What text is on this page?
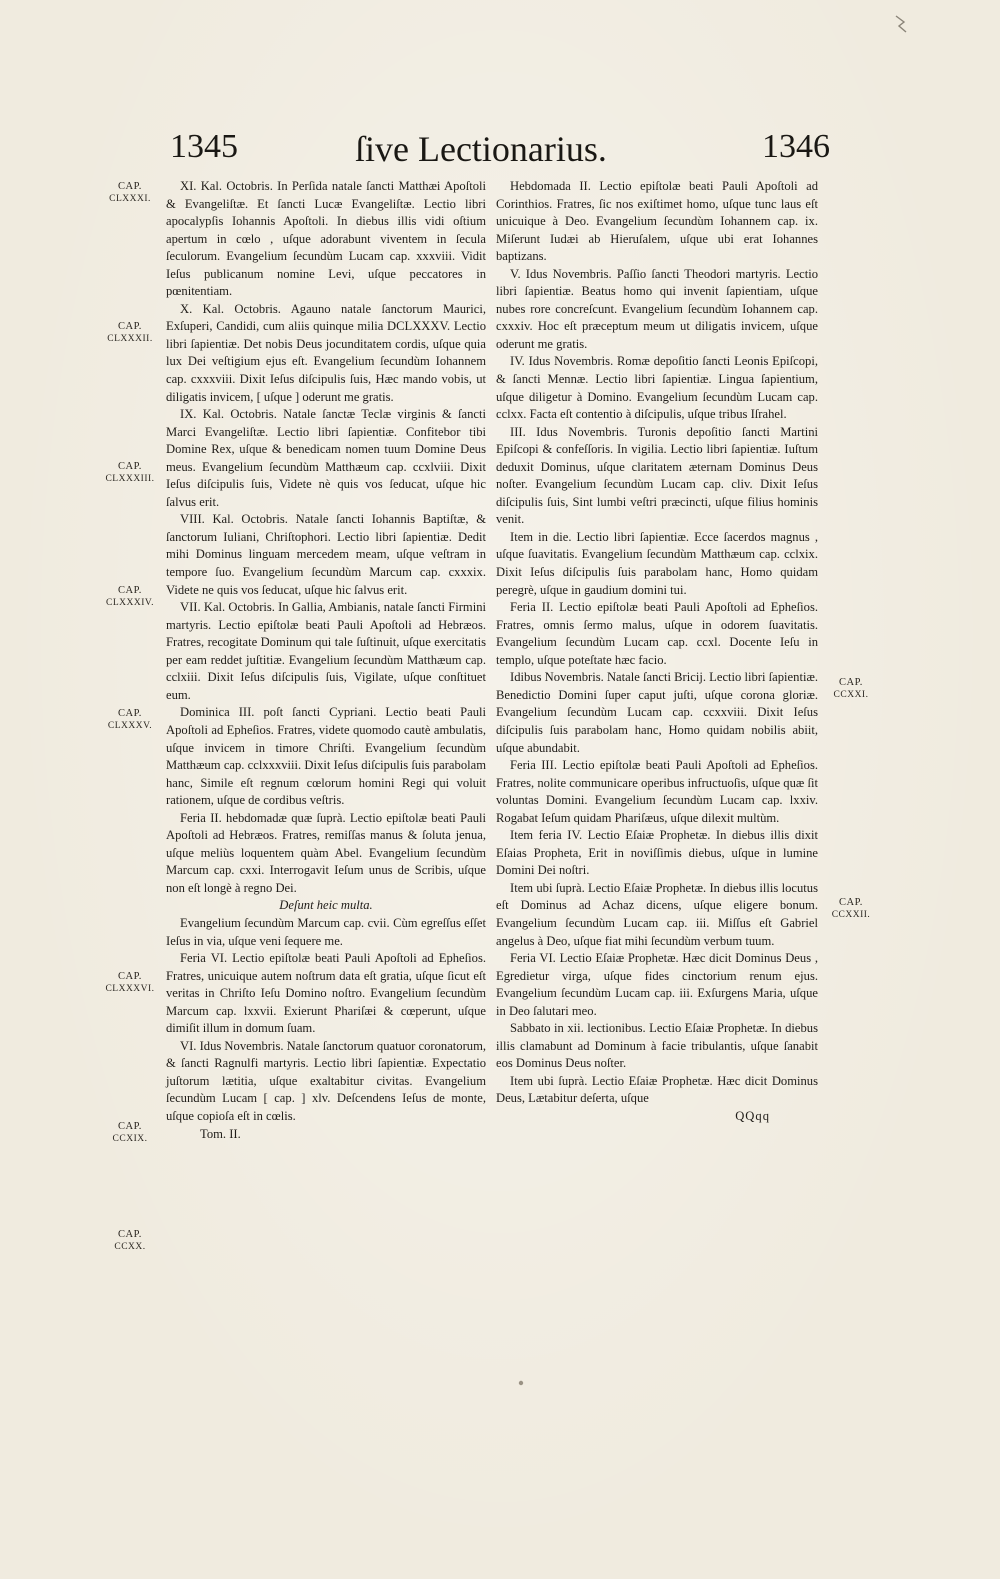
1345	ſive Lectionarius.	1346
CAP.
CLXXXI.
CAP.
CLXXXII.
CAP.
CLXXXIII.
CAP.
CLXXXIV.
CAP.
CLXXXV.
CAP.
CLXXXVI.
CAP.
CCXIX.
CAP.
CCXX.
CAP.
CCXXI.
CAP.
CCXXII.

XI. Kal. Octobris. In Perſida natale ſancti Matthæi Apoſtoli & Evangeliſtæ. Et ſancti Lucæ Evangeliſtæ. Lectio libri apocalypſis Iohannis Apoſtoli. In diebus illis vidi oſtium apertum in cœlo , uſque adorabunt viventem in ſecula ſeculorum. Evangelium ſecundùm Lucam cap. xxxviii. Vidit Ieſus publicanum nomine Levi, uſque peccatores in pœnitentiam.

X. Kal. Octobris. Agauno natale ſanctorum Maurici, Exſuperi, Candidi, cum aliis quinque milia DCLXXXV. Lectio libri ſapientiæ. Det nobis Deus jocunditatem cordis, uſque quia lux Dei veſtigium ejus eſt. Evangelium ſecundùm Iohannem cap. cxxxviii. Dixit Ieſus diſcipulis ſuis, Hæc mando vobis, ut diligatis invicem, [ uſque ] oderunt me gratis.

IX. Kal. Octobris. Natale ſanctæ Teclæ virginis & ſancti Marci Evangeliſtæ. Lectio libri ſapientiæ. Confitebor tibi Domine Rex, uſque & benedicam nomen tuum Domine Deus meus. Evangelium ſecundùm Matthæum cap. ccxlviii. Dixit Ieſus diſcipulis ſuis, Videte nè quis vos ſeducat, uſque hic ſalvus erit.

VIII. Kal. Octobris. Natale ſancti Iohannis Baptiſtæ, & ſanctorum Iuliani, Chriſtophori. Lectio libri ſapientiæ. Dedit mihi Dominus linguam mercedem meam, uſque veſtram in tempore ſuo. Evangelium ſecundùm Marcum cap. cxxxix. Videte ne quis vos ſeducat, uſque hic ſalvus erit.

VII. Kal. Octobris. In Gallia, Ambianis, natale ſancti Firmini martyris. Lectio epiſtolæ beati Pauli Apoſtoli ad Hebræos. Fratres, recogitate Dominum qui tale ſuſtinuit, uſque exercitatis per eam reddet juſtitiæ. Evangelium ſecundùm Matthæum cap. cclxiii. Dixit Ieſus diſcipulis ſuis, Vigilate, uſque conſtituet eum.

Dominica III. poſt ſancti Cypriani. Lectio beati Pauli Apoſtoli ad Epheſios. Fratres, videte quomodo cautè ambulatis, uſque invicem in timore Chriſti. Evangelium ſecundùm Matthæum cap. cclxxxviii. Dixit Ieſus diſcipulis ſuis parabolam hanc, Simile eſt regnum cœlorum homini Regi qui voluit rationem, uſque de cordibus veſtris.

Feria II. hebdomadæ quæ ſuprà. Lectio epiſtolæ beati Pauli Apoſtoli ad Hebræos. Fratres, remiſſas manus & ſoluta jenua, uſque meliùs loquentem quàm Abel. Evangelium ſecundùm Marcum cap. cxxi. Interrogavit Ieſum unus de Scribis, uſque non eſt longè à regno Dei.

Deſunt heic multa.

Evangelium ſecundùm Marcum cap. cvii. Cùm egreſſus eſſet Ieſus in via, uſque veni ſequere me.

Feria VI. Lectio epiſtolæ beati Pauli Apoſtoli ad Epheſios. Fratres, unicuique autem noſtrum data eſt gratia, uſque ſicut eſt veritas in Chriſto Ieſu Domino noſtro. Evangelium ſecundùm Marcum cap. lxxvii. Exierunt Phariſæi & cœperunt, uſque dimiſit illum in domum ſuam.

VI. Idus Novembris. Natale ſanctorum quatuor coronatorum, & ſancti Ragnulfi martyris. Lectio libri ſapientiæ. Expectatio juſtorum lætitia, uſque exaltabitur civitas. Evangelium ſecundùm Lucam [ cap. ] xlv. Deſcendens Ieſus de monte, uſque copioſa eſt in cœlis.

Tom. II.

Hebdomada II. Lectio epiſtolæ beati Pauli Apoſtoli ad Corinthios. Fratres, ſic nos exiſtimet homo, uſque tunc laus eſt unicuique à Deo. Evangelium ſecundùm Iohannem cap. ix. Miſerunt Iudæi ab Hieruſalem, uſque ubi erat Iohannes baptizans.

V. Idus Novembris. Paſſio ſancti Theodori martyris. Lectio libri ſapientiæ. Beatus homo qui invenit ſapientiam, uſque nubes rore concreſcunt. Evangelium ſecundùm Iohannem cap. cxxxiv. Hoc eſt præceptum meum ut diligatis invicem, uſque oderunt me gratis.

IV. Idus Novembris. Romæ depoſitio ſancti Leonis Epiſcopi, & ſancti Mennæ. Lectio libri ſapientiæ. Lingua ſapientium, uſque diligetur à Domino. Evangelium ſecundùm Lucam cap. cclxx. Facta eſt contentio à diſcipulis, uſque tribus Iſrahel.

III. Idus Novembris. Turonis depoſitio ſancti Martini Epiſcopi & confeſſoris. In vigilia. Lectio libri ſapientiæ. Iuſtum deduxit Dominus, uſque claritatem æternam Dominus Deus noſter. Evangelium ſecundùm Lucam cap. cliv. Dixit Ieſus diſcipulis ſuis, Sint lumbi veſtri præcincti, uſque filius hominis venit.

Item in die. Lectio libri ſapientiæ. Ecce ſacerdos magnus , uſque ſuavitatis. Evangelium ſecundùm Matthæum cap. cclxix. Dixit Ieſus diſcipulis ſuis parabolam hanc, Homo quidam peregrè, uſque in gaudium domini tui.

Feria II. Lectio epiſtolæ beati Pauli Apoſtoli ad Epheſios. Fratres, omnis ſermo malus, uſque in odorem ſuavitatis. Evangelium ſecundùm Lucam cap. ccxl. Docente Ieſu in templo, uſque poteſtate hæc facio.

Idibus Novembris. Natale ſancti Bricij. Lectio libri ſapientiæ. Benedictio Domini ſuper caput juſti, uſque corona gloriæ. Evangelium ſecundùm Lucam cap. ccxxviii. Dixit Ieſus diſcipulis ſuis parabolam hanc, Homo quidam nobilis abiit, uſque abundabit.

Feria III. Lectio epiſtolæ beati Pauli Apoſtoli ad Epheſios. Fratres, nolite communicare operibus infructuoſis, uſque quæ ſit voluntas Domini. Evangelium ſecundùm Lucam cap. lxxiv. Rogabat Ieſum quidam Phariſæus, uſque dilexit multùm.

Item feria IV. Lectio Eſaiæ Prophetæ. In diebus illis dixit Eſaias Propheta, Erit in noviſſimis diebus, uſque in lumine Domini Dei noſtri.

Item ubi ſuprà. Lectio Eſaiæ Prophetæ. In diebus illis locutus eſt Dominus ad Achaz dicens, uſque eligere bonum. Evangelium ſecundùm Lucam cap. iii. Miſſus eſt Gabriel angelus à Deo, uſque fiat mihi ſecundùm verbum tuum.

Feria VI. Lectio Eſaiæ Prophetæ. Hæc dicit Dominus Deus , Egredietur virga, uſque fides cinctorium renum ejus. Evangelium ſecundùm Lucam cap. iii. Exſurgens Maria, uſque in Deo ſalutari meo.

Sabbato in xii. lectionibus. Lectio Eſaiæ Prophetæ. In diebus illis clamabunt ad Dominum à facie tribulantis, uſque ſanabit eos Dominus Deus noſter.

Item ubi ſuprà. Lectio Eſaiæ Prophetæ. Hæc dicit Dominus Deus, Lætabitur deſerta, uſque

QQqq
